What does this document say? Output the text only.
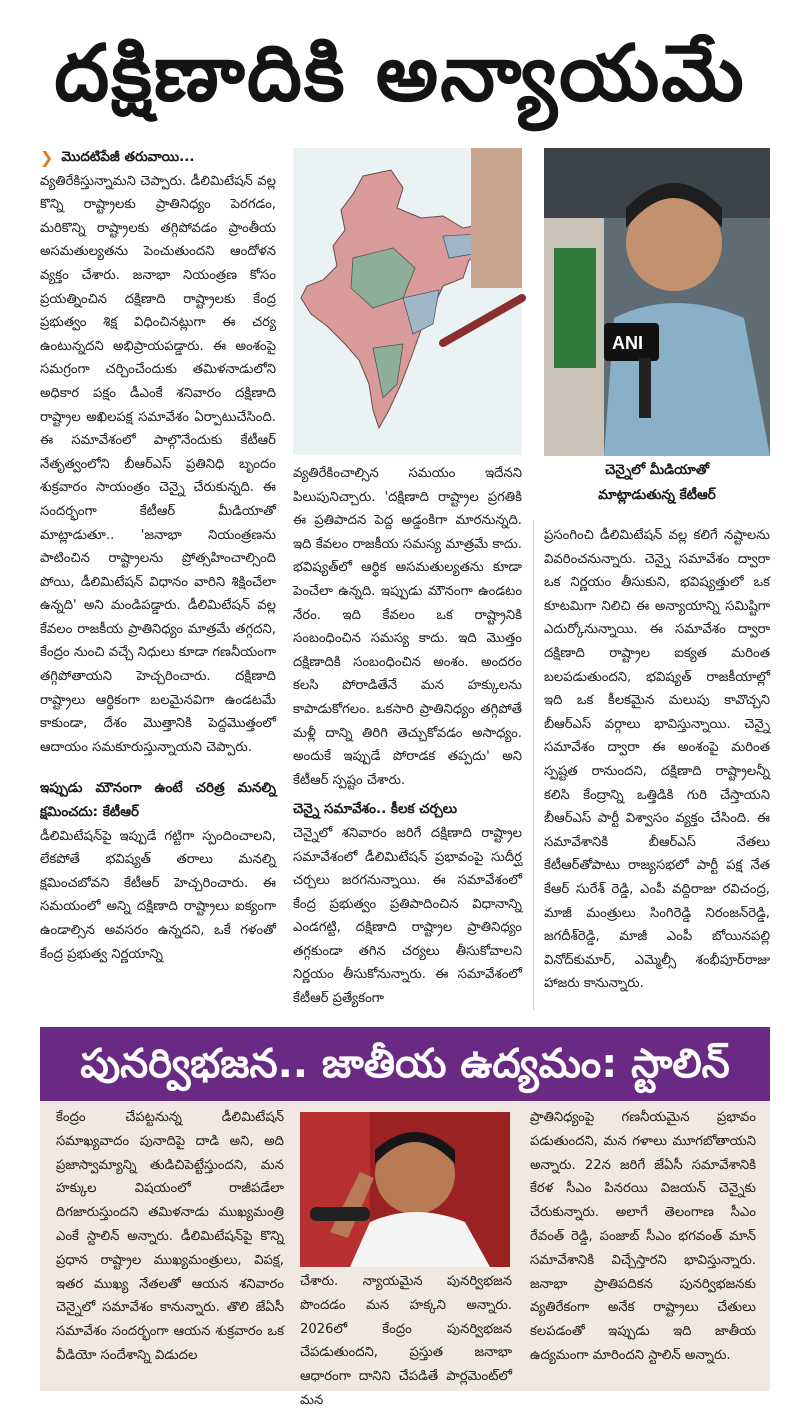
దక్షిణాదికి అన్యాయమే
❯ మొదటిపేజీ తరువాయి...

వ్యతిరేకిస్తున్నామని చెప్పారు. డీలిమిటేషన్ వల్ల కొన్ని రాష్ట్రాలకు ప్రాతినిధ్యం పెరగడం, మరికొన్ని రాష్ట్రాలకు తగ్గిపోవడం ప్రాంతీయ అసమతుల్యతను పెంచుతుందని ఆందోళన వ్యక్తం చేశారు. జనాభా నియంత్రణ కోసం ప్రయత్నించిన దక్షిణాది రాష్ట్రాలకు కేంద్ర ప్రభుత్వం శిక్ష విధించినట్లుగా ఈ చర్య ఉంటున్నదని అభిప్రాయపడ్డారు. ఈ అంశంపై సమగ్రంగా చర్చించేందుకు తమిళనాడులోని అధికార పక్షం డీఎంకే శనివారం దక్షిణాది రాష్ట్రాల అఖిలపక్ష సమావేశం ఏర్పాటుచేసింది. ఈ సమావేశంలో పాల్గొనేందుకు కేటీఆర్ నేతృత్వంలోని బీఆర్ఎస్ ప్రతినిధి బృందం శుక్రవారం సాయంత్రం చెన్నై చేరుకున్నది. ఈ సందర్భంగా కేటీఆర్ మీడియాతో మాట్లాడుతూ.. 'జనాభా నియంత్రణను పాటించిన రాష్ట్రాలను ప్రోత్సహించాల్సింది పోయి, డీలిమిటేషన్ విధానం వారిని శిక్షించేలా ఉన్నది' అని మండిపడ్డారు. డీలిమిటేషన్ వల్ల కేవలం రాజకీయ ప్రాతినిధ్యం మాత్రమే తగ్గదని, కేంద్రం నుంచి వచ్చే నిధులు కూడా గణనీయంగా తగ్గిపోతాయని హెచ్చరించారు. దక్షిణాది రాష్ట్రాలు ఆర్థికంగా బలమైనవిగా ఉండటమే కాకుండా, దేశం మొత్తానికి పెద్దమొత్తంలో ఆదాయం సమకూరుస్తున్నాయని చెప్పారు.

ఇప్పుడు మౌనంగా ఉంటే చరిత్ర మనల్ని క్షమించదు: కేటీఆర్

డీలిమిటేషన్‌పై ఇప్పుడే గట్టిగా స్పందించాలని, లేకపోతే భవిష్యత్ తరాలు మనల్ని క్షమించబోవని కేటీఆర్ హెచ్చరించారు. ఈ సమయంలో అన్ని దక్షిణాది రాష్ట్రాలు ఐక్యంగా ఉండాల్సిన అవసరం ఉన్నదని, ఒకే గళంతో కేంద్ర ప్రభుత్వ నిర్ణయాన్ని

ANI
చెన్నైలో మీడియాతో
మాట్లాడుతున్న కేటీఆర్

వ్యతిరేకించాల్సిన సమయం ఇదేనని పిలుపునిచ్చారు. 'దక్షిణాది రాష్ట్రాల ప్రగతికి ఈ ప్రతిపాదన పెద్ద అడ్డంకిగా మారనున్నది. ఇది కేవలం రాజకీయ సమస్య మాత్రమే కాదు. భవిష్యత్‌లో ఆర్థిక అసమతుల్యతను కూడా పెంచేలా ఉన్నది. ఇప్పుడు మౌనంగా ఉండటం నేరం. ఇది కేవలం ఒక రాష్ట్రానికి సంబంధించిన సమస్య కాదు. ఇది మొత్తం దక్షిణాదికి సంబంధించిన అంశం. అందరం కలసి పోరాడితేనే మన హక్కులను కాపాడుకోగలం. ఒకసారి ప్రాతినిధ్యం తగ్గిపోతే మళ్లీ దాన్ని తిరిగి తెచ్చుకోవడం అసాధ్యం. అందుకే ఇప్పుడే పోరాడక తప్పదు' అని కేటీఆర్ స్పష్టం చేశారు.

చెన్నై సమావేశం.. కీలక చర్చలు

చెన్నైలో శనివారం జరిగే దక్షిణాది రాష్ట్రాల సమావేశంలో డీలిమిటేషన్ ప్రభావంపై సుదీర్ఘ చర్చలు జరగనున్నాయి. ఈ సమావేశంలో కేంద్ర ప్రభుత్వం ప్రతిపాదించిన విధానాన్ని ఎండగట్టి, దక్షిణాది రాష్ట్రాల ప్రాతినిధ్యం తగ్గకుండా తగిన చర్యలు తీసుకోవాలని నిర్ణయం తీసుకోనున్నారు. ఈ సమావేశంలో కేటీఆర్ ప్రత్యేకంగా

ప్రసంగించి డీలిమిటేషన్ వల్ల కలిగే నష్టాలను వివరించనున్నారు. చెన్నై సమావేశం ద్వారా ఒక నిర్ణయం తీసుకుని, భవిష్యత్తులో ఒక కూటమిగా నిలిచి ఈ అన్యాయాన్ని సమిష్టిగా ఎదుర్కోనున్నాయి. ఈ సమావేశం ద్వారా దక్షిణాది రాష్ట్రాల ఐక్యత మరింత బలపడుతుందని, భవిష్యత్ రాజకీయాల్లో ఇది ఒక కీలకమైన మలుపు కావొచ్చని బీఆర్ఎస్ వర్గాలు భావిస్తున్నాయి. చెన్నై సమావేశం ద్వారా ఈ అంశంపై మరింత స్పష్టత రానుందని, దక్షిణాది రాష్ట్రాలన్నీ కలిసి కేంద్రాన్ని ఒత్తిడికి గురి చేస్తాయని బీఆర్ఎస్ పార్టీ విశ్వాసం వ్యక్తం చేసింది. ఈ సమావేశానికి బీఆర్ఎస్ నేతలు కేటీఆర్‌తోపాటు రాజ్యసభలో పార్టీ పక్ష నేత కేఆర్ సురేశ్ రెడ్డి, ఎంపీ వద్దిరాజు రవిచంద్ర, మాజీ మంత్రులు సింగిరెడ్డి నిరంజన్‌రెడ్డి, జగదీశ్‌రెడ్డి, మాజీ ఎంపీ బోయినపల్లి వినోద్‌కుమార్, ఎమ్మెల్సీ శంభీపూర్‌రాజు హాజరు కానున్నారు.

పునర్విభజన.. జాతీయ ఉద్యమం: స్టాలిన్

కేంద్రం చేపట్టనున్న డీలిమిటేషన్ సమాఖ్యవాదం పునాదిపై దాడి అని, అది ప్రజాస్వామ్యాన్ని తుడిచిపెట్టేస్తుందని, మన హక్కుల విషయంలో రాజీపడేలా దిగజారుస్తుందని తమిళనాడు ముఖ్యమంత్రి ఎంకే స్టాలిన్ అన్నారు. డీలిమిటేషన్‌పై కొన్ని ప్రధాన రాష్ట్రాల ముఖ్యమంత్రులు, విపక్ష, ఇతర ముఖ్య నేతలతో ఆయన శనివారం చెన్నైలో సమావేశం కానున్నారు. తొలి జేఏసీ సమావేశం సందర్భంగా ఆయన శుక్రవారం ఒక వీడియో సందేశాన్ని విడుదల

చేశారు. న్యాయమైన పునర్విభజన పొందడం మన హక్కని అన్నారు. 2026లో కేంద్రం పునర్విభజన చేపడుతుందని, ప్రస్తుత జనాభా ఆధారంగా దానిని చేపడితే పార్లమెంట్‌లో మన

ప్రాతినిధ్యంపై గణనీయమైన ప్రభావం పడుతుందని, మన గళాలు మూగబోతాయని అన్నారు. 22న జరిగే జేఏసీ సమావేశానికి కేరళ సీఎం పినరయి విజయన్ చెన్నైకు చేరుకున్నారు. అలాగే తెలంగాణ సీఎం రేవంత్ రెడ్డి, పంజాబ్ సీఎం భగవంత్ మాన్ సమావేశానికి విచ్చేస్తారని భావిస్తున్నారు. జనాభా ప్రాతిపదికన పునర్విభజనకు వ్యతిరేకంగా అనేక రాష్ట్రాలు చేతులు కలపడంతో ఇప్పుడు ఇది జాతీయ ఉద్యమంగా మారిందని స్టాలిన్ అన్నారు.
